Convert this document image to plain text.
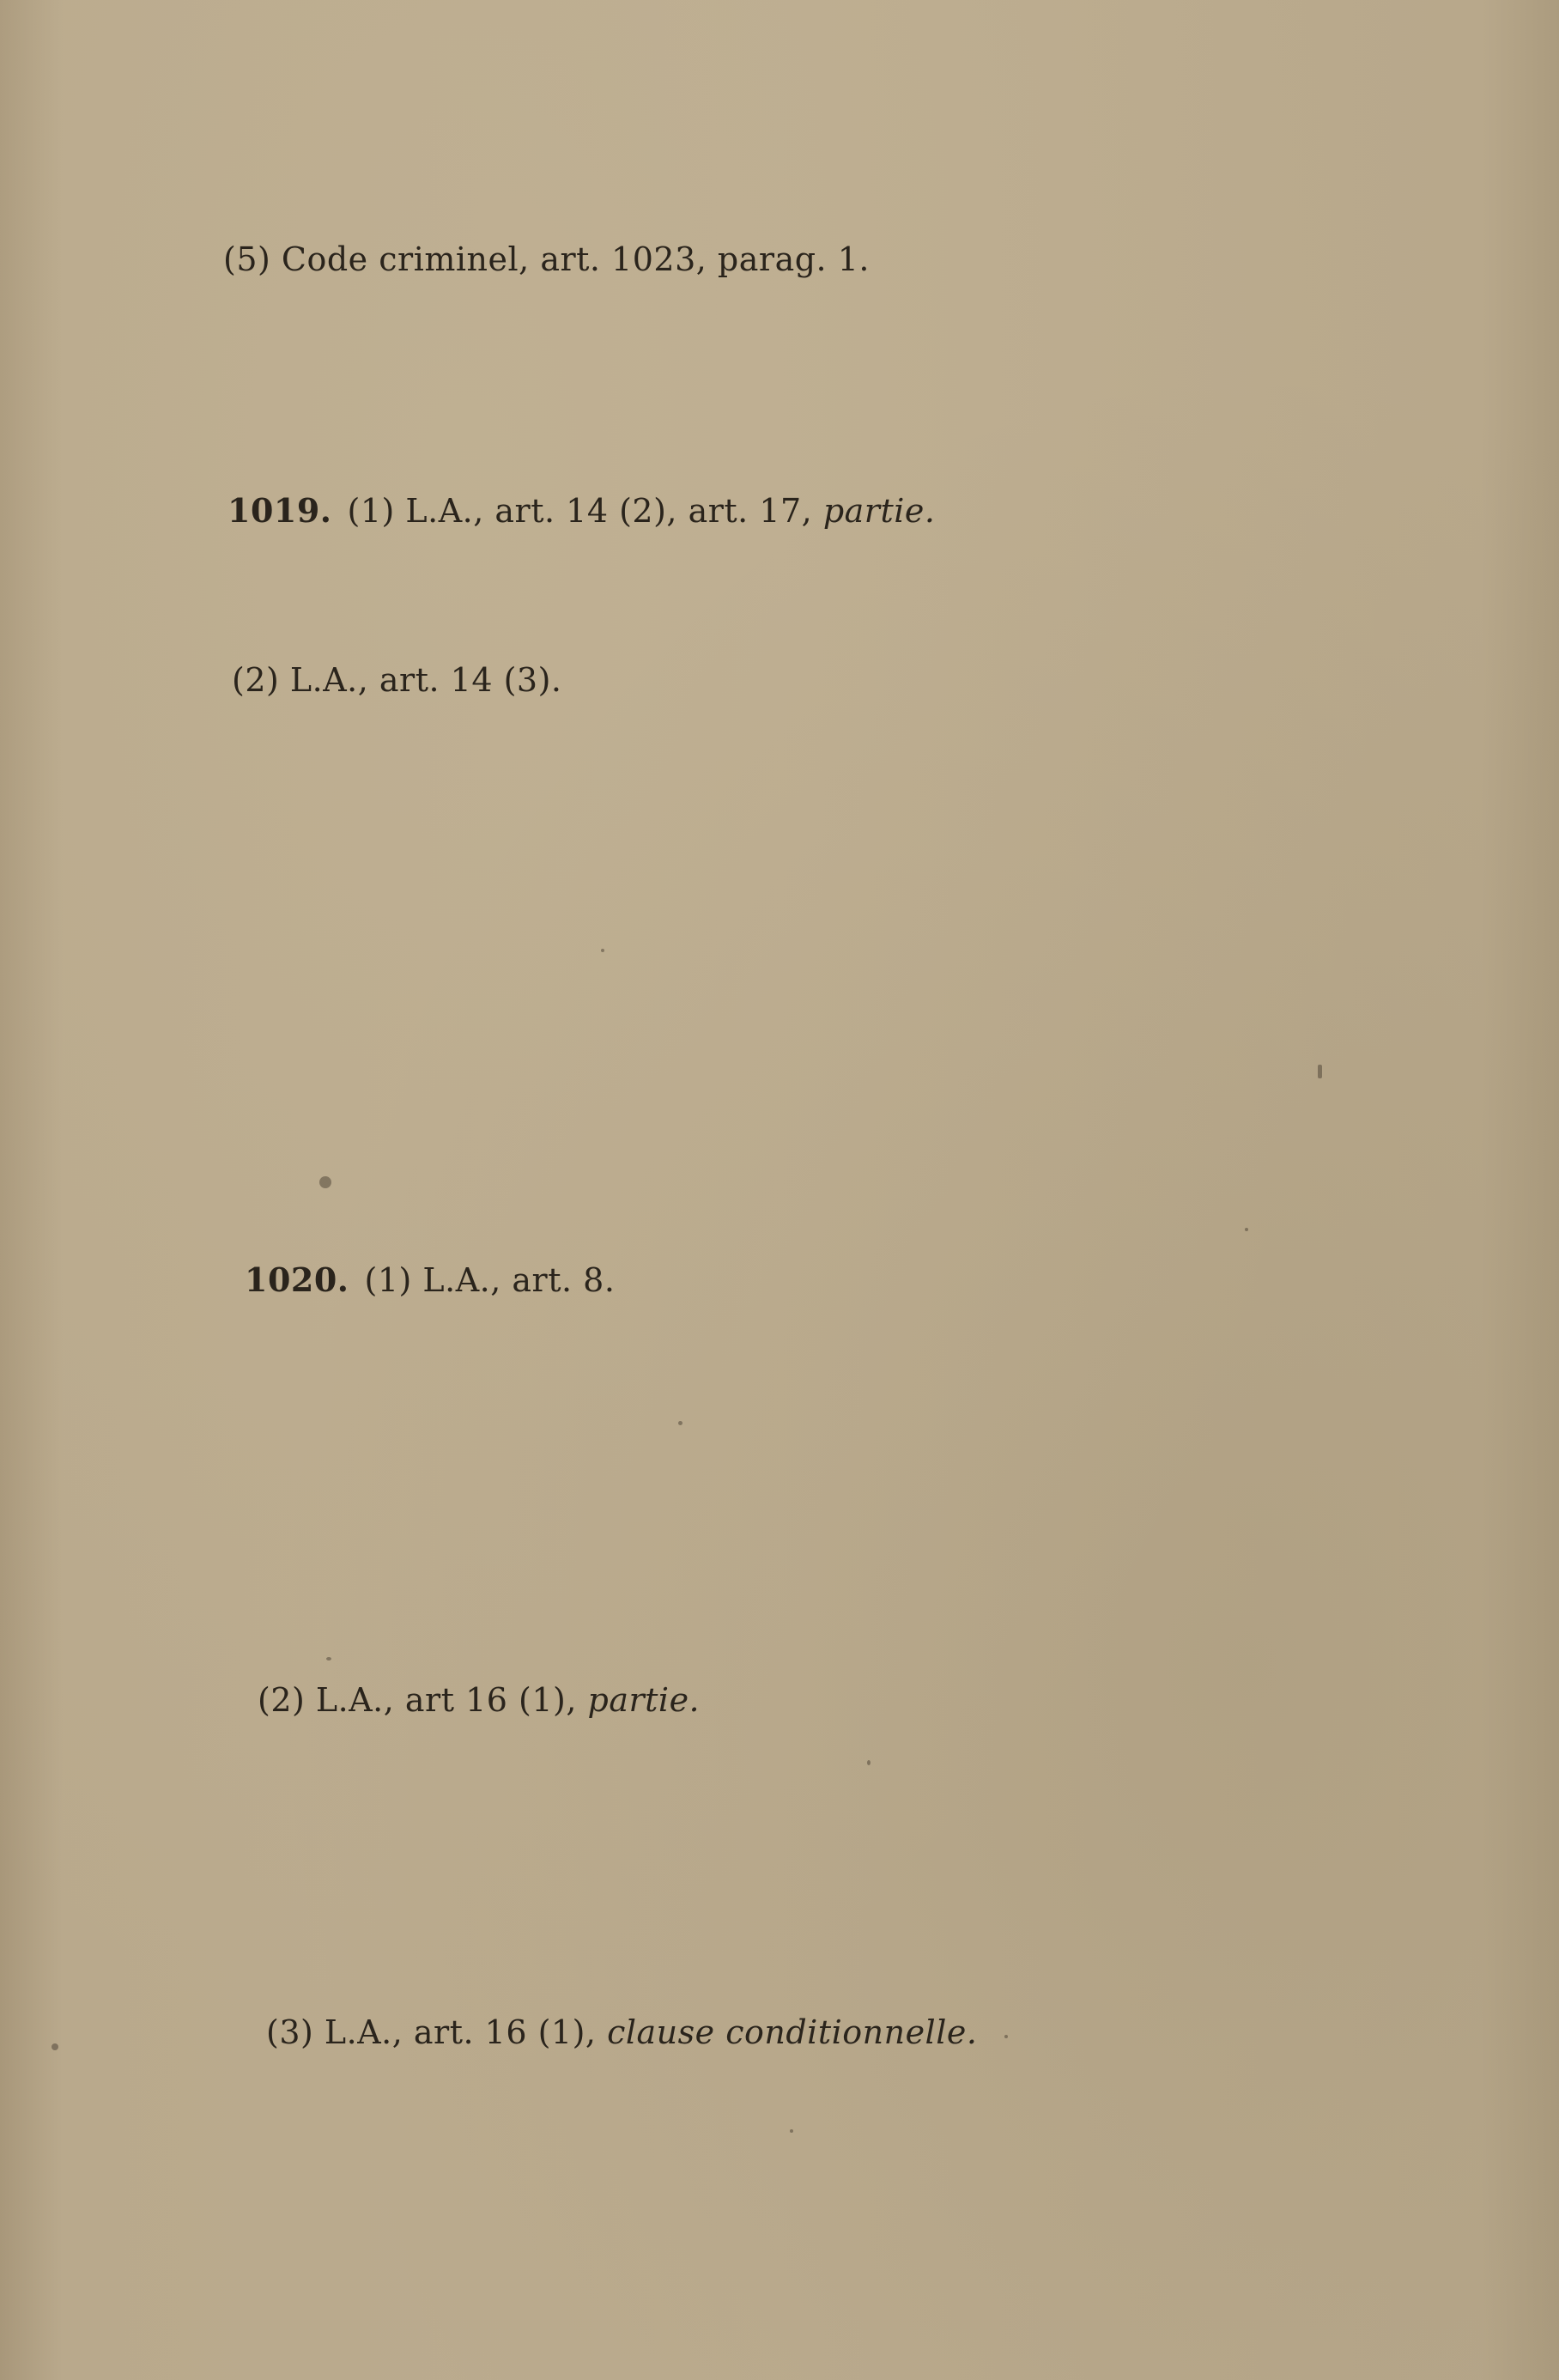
(5) Code criminel, art. 1023, parag. 1.
1019. (1) L.A., art. 14 (2), art. 17, partie.
(2) L.A., art. 14 (3).
1020. (1) L.A., art. 8.
(2) L.A., art 16 (1), partie.
(3) L.A., art. 16 (1), clause conditionnelle.
